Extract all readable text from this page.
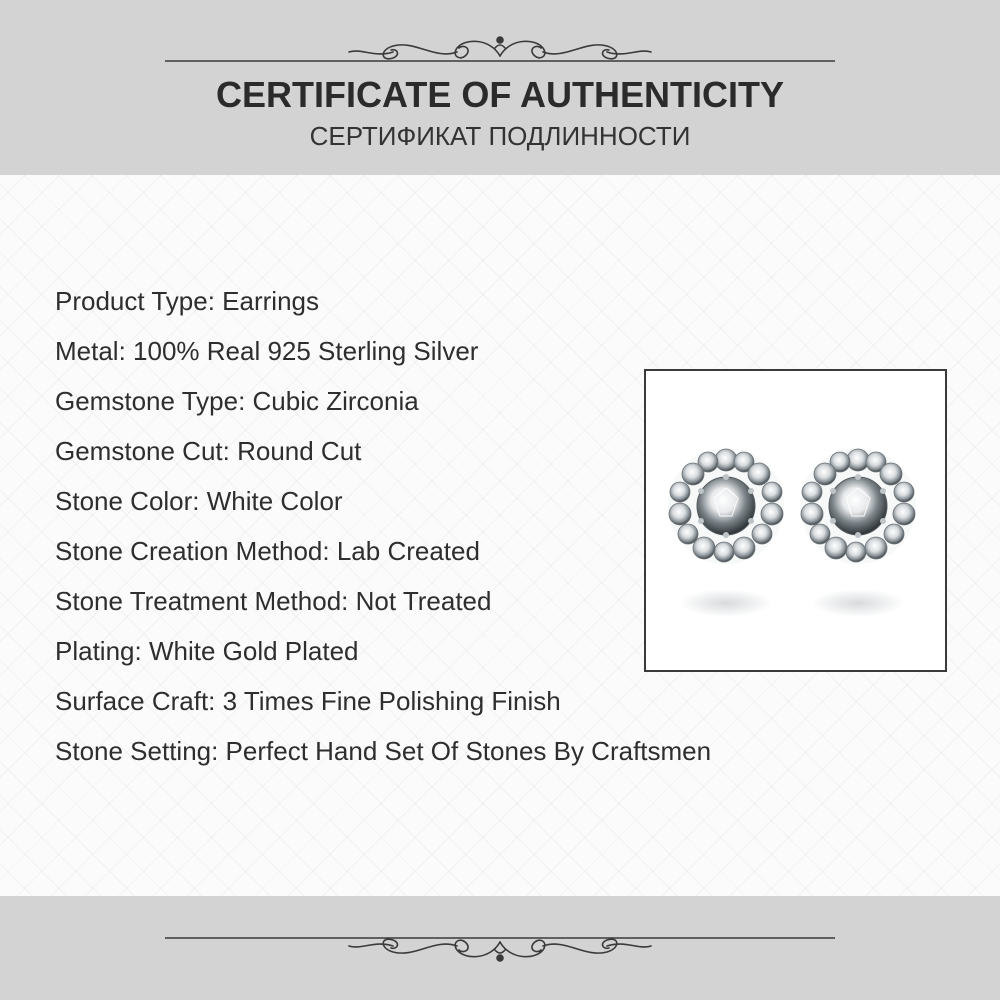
CERTIFICATE OF AUTHENTICITY
СЕРТИФИКАТ ПОДЛИННОСТИ
Product Type: Earrings
Metal: 100% Real 925 Sterling Silver
Gemstone Type: Cubic Zirconia
Gemstone Cut: Round Cut
Stone Color: White Color
Stone Creation Method: Lab Created
Stone Treatment Method: Not Treated
Plating: White Gold Plated
Surface Craft: 3 Times Fine Polishing Finish
Stone Setting: Perfect Hand Set Of Stones By Craftsmen
